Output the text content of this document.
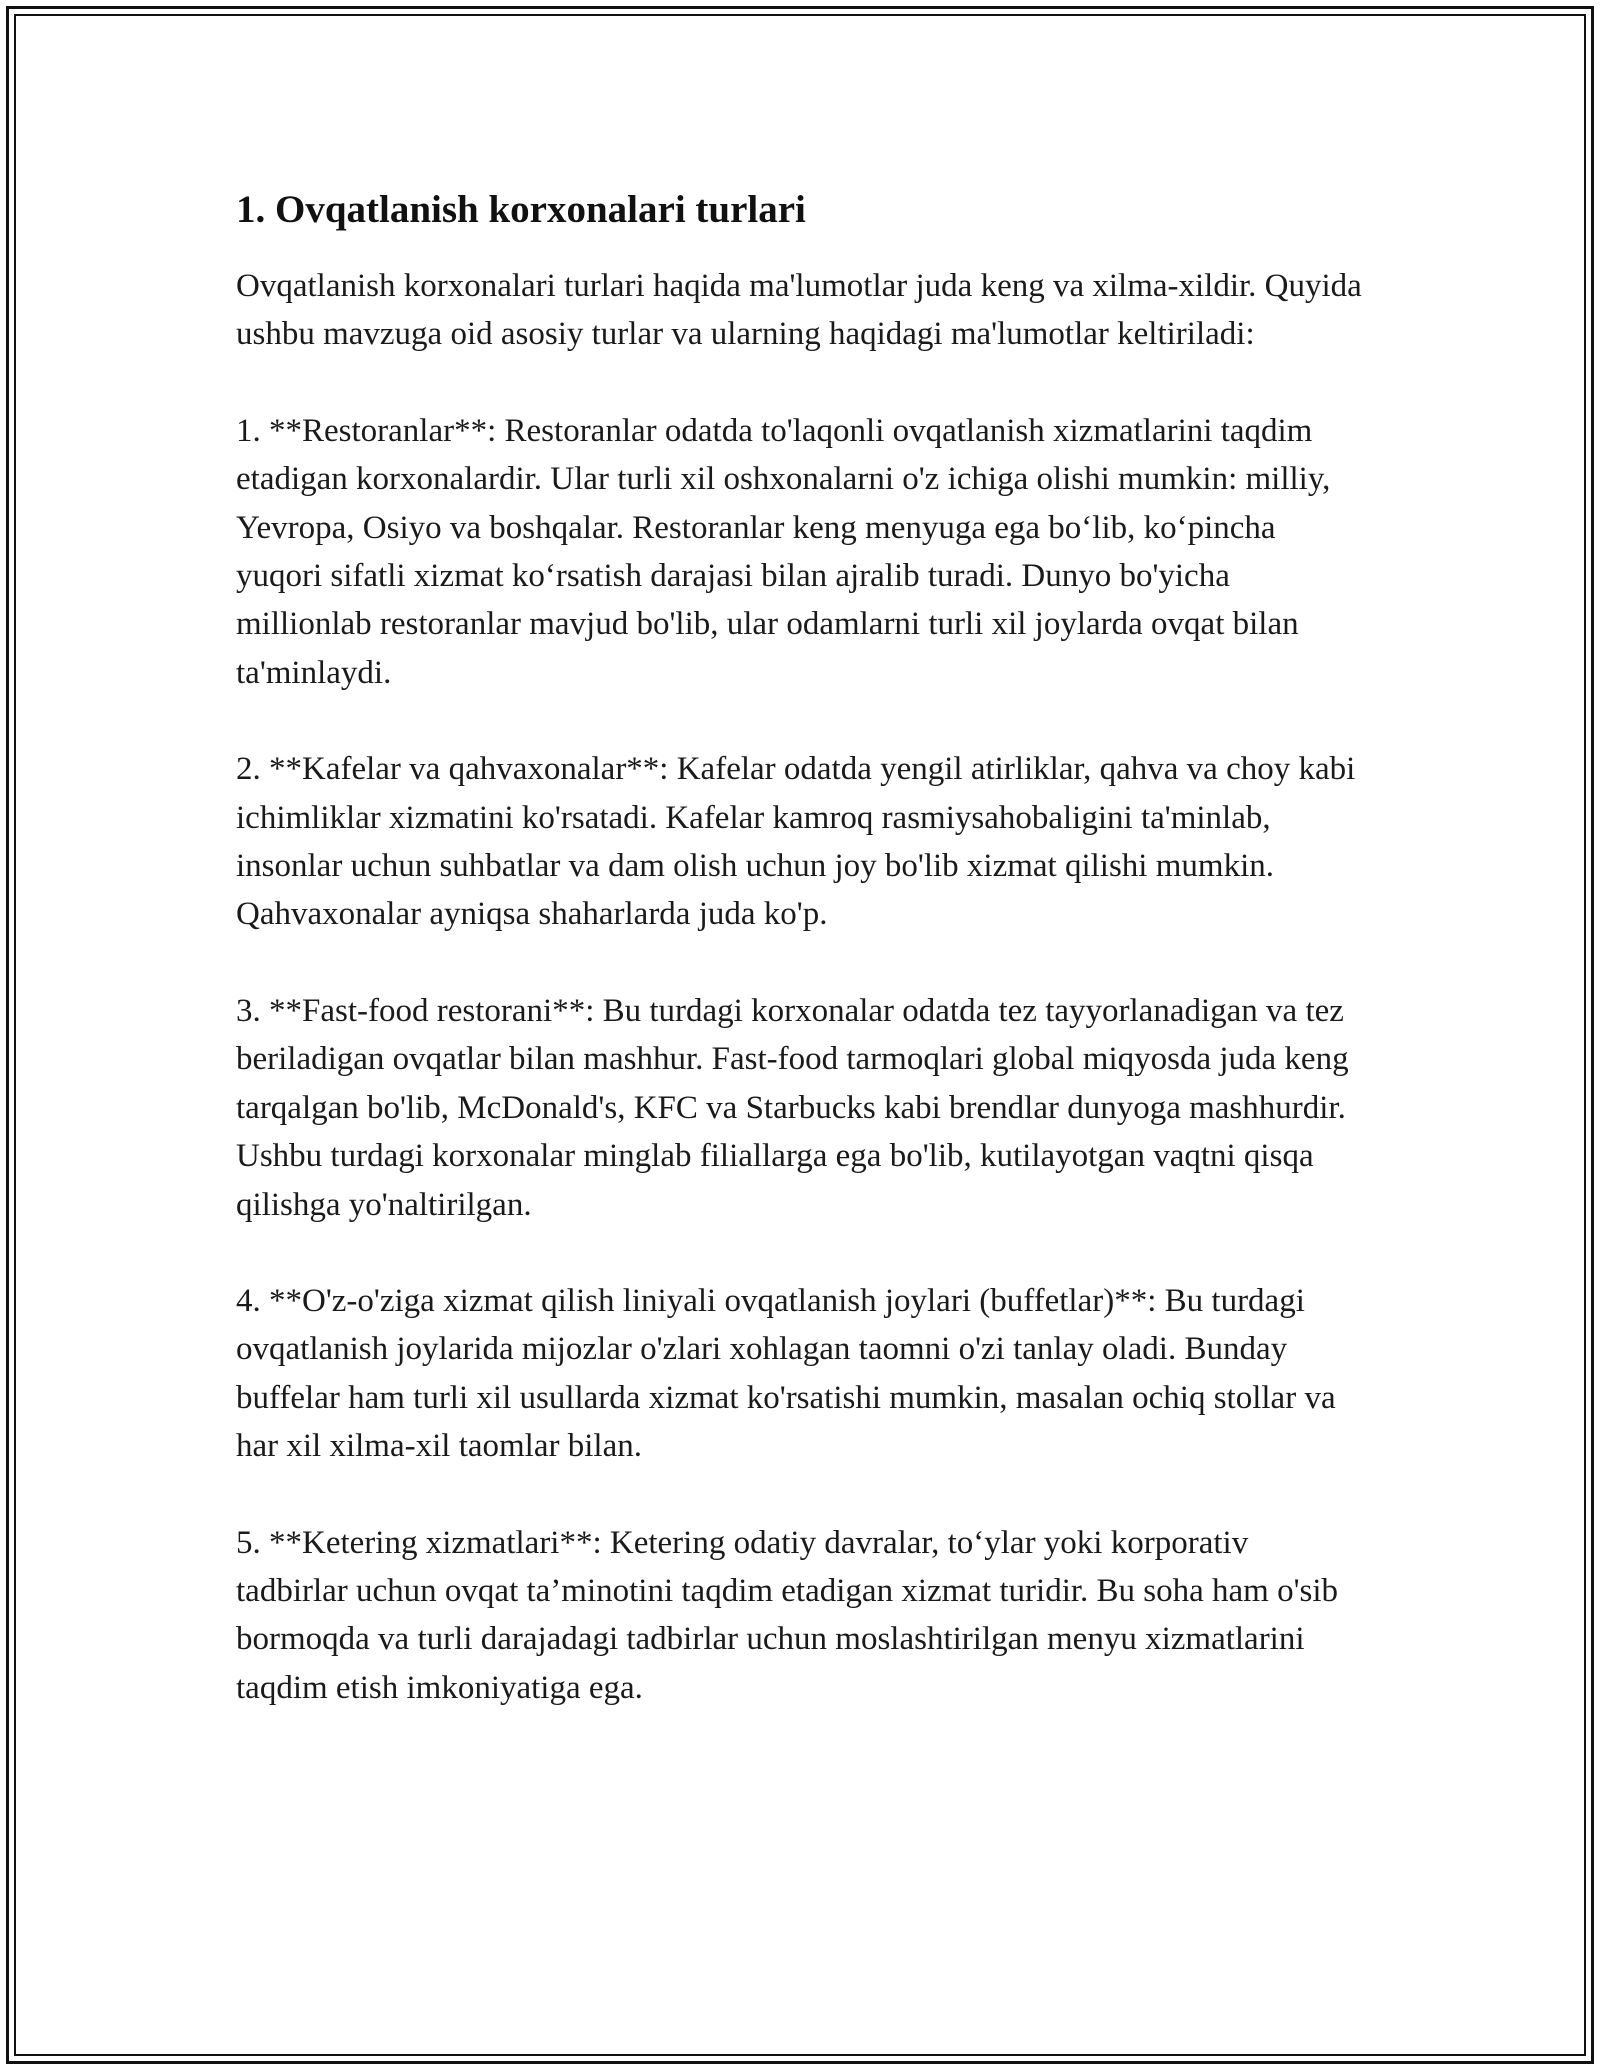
1. Ovqatlanish korxonalari turlari

Ovqatlanish korxonalari turlari haqida ma'lumotlar juda keng va xilma-xildir. Quyida ushbu mavzuga oid asosiy turlar va ularning haqidagi ma'lumotlar keltiriladi:

1. **Restoranlar**: Restoranlar odatda to'laqonli ovqatlanish xizmatlarini taqdim etadigan korxonalardir. Ular turli xil oshxonalarni o'z ichiga olishi mumkin: milliy, Yevropa, Osiyo va boshqalar. Restoranlar keng menyuga ega bo‘lib, ko‘pincha yuqori sifatli xizmat ko‘rsatish darajasi bilan ajralib turadi. Dunyo bo'yicha millionlab restoranlar mavjud bo'lib, ular odamlarni turli xil joylarda ovqat bilan ta'minlaydi.

2. **Kafelar va qahvaxonalar**: Kafelar odatda yengil atirliklar, qahva va choy kabi ichimliklar xizmatini ko'rsatadi. Kafelar kamroq rasmiysahobaligini ta'minlab, insonlar uchun suhbatlar va dam olish uchun joy bo'lib xizmat qilishi mumkin. Qahvaxonalar ayniqsa shaharlarda juda ko'p.

3. **Fast-food restorani**: Bu turdagi korxonalar odatda tez tayyorlanadigan va tez beriladigan ovqatlar bilan mashhur. Fast-food tarmoqlari global miqyosda juda keng tarqalgan bo'lib, McDonald's, KFC va Starbucks kabi brendlar dunyoga mashhurdir. Ushbu turdagi korxonalar minglab filiallarga ega bo'lib, kutilayotgan vaqtni qisqa qilishga yo'naltirilgan.

4. **O'z-o'ziga xizmat qilish liniyali ovqatlanish joylari (buffetlar)**: Bu turdagi ovqatlanish joylarida mijozlar o'zlari xohlagan taomni o'zi tanlay oladi. Bunday buffelar ham turli xil usullarda xizmat ko'rsatishi mumkin, masalan ochiq stollar va har xil xilma-xil taomlar bilan.

5. **Ketering xizmatlari**: Ketering odatiy davralar, to‘ylar yoki korporativ tadbirlar uchun ovqat ta’minotini taqdim etadigan xizmat turidir. Bu soha ham o'sib bormoqda va turli darajadagi tadbirlar uchun moslashtirilgan menyu xizmatlarini taqdim etish imkoniyatiga ega.
